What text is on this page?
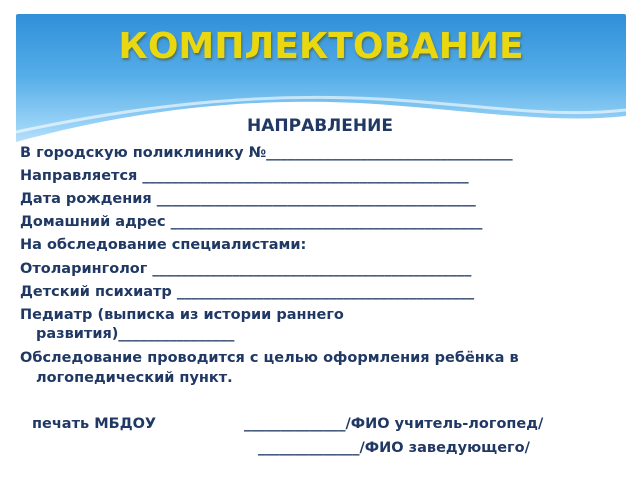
КОМПЛЕКТОВАНИЕ
НАПРАВЛЕНИЕ
В городскую поликлинику №__________________________________
Направляется _____________________________________________
Дата рождения ____________________________________________
Домашний адрес ___________________________________________
На обследование специалистами:
Отоларинголог ____________________________________________
Детский психиатр _________________________________________
Педиатр (выписка из истории раннего
развития)________________
Обследование проводится с целью оформления ребёнка в
логопедический пункт.
печать МБДОУ	______________/ФИО учитель-логопед/
______________/ФИО заведующего/
